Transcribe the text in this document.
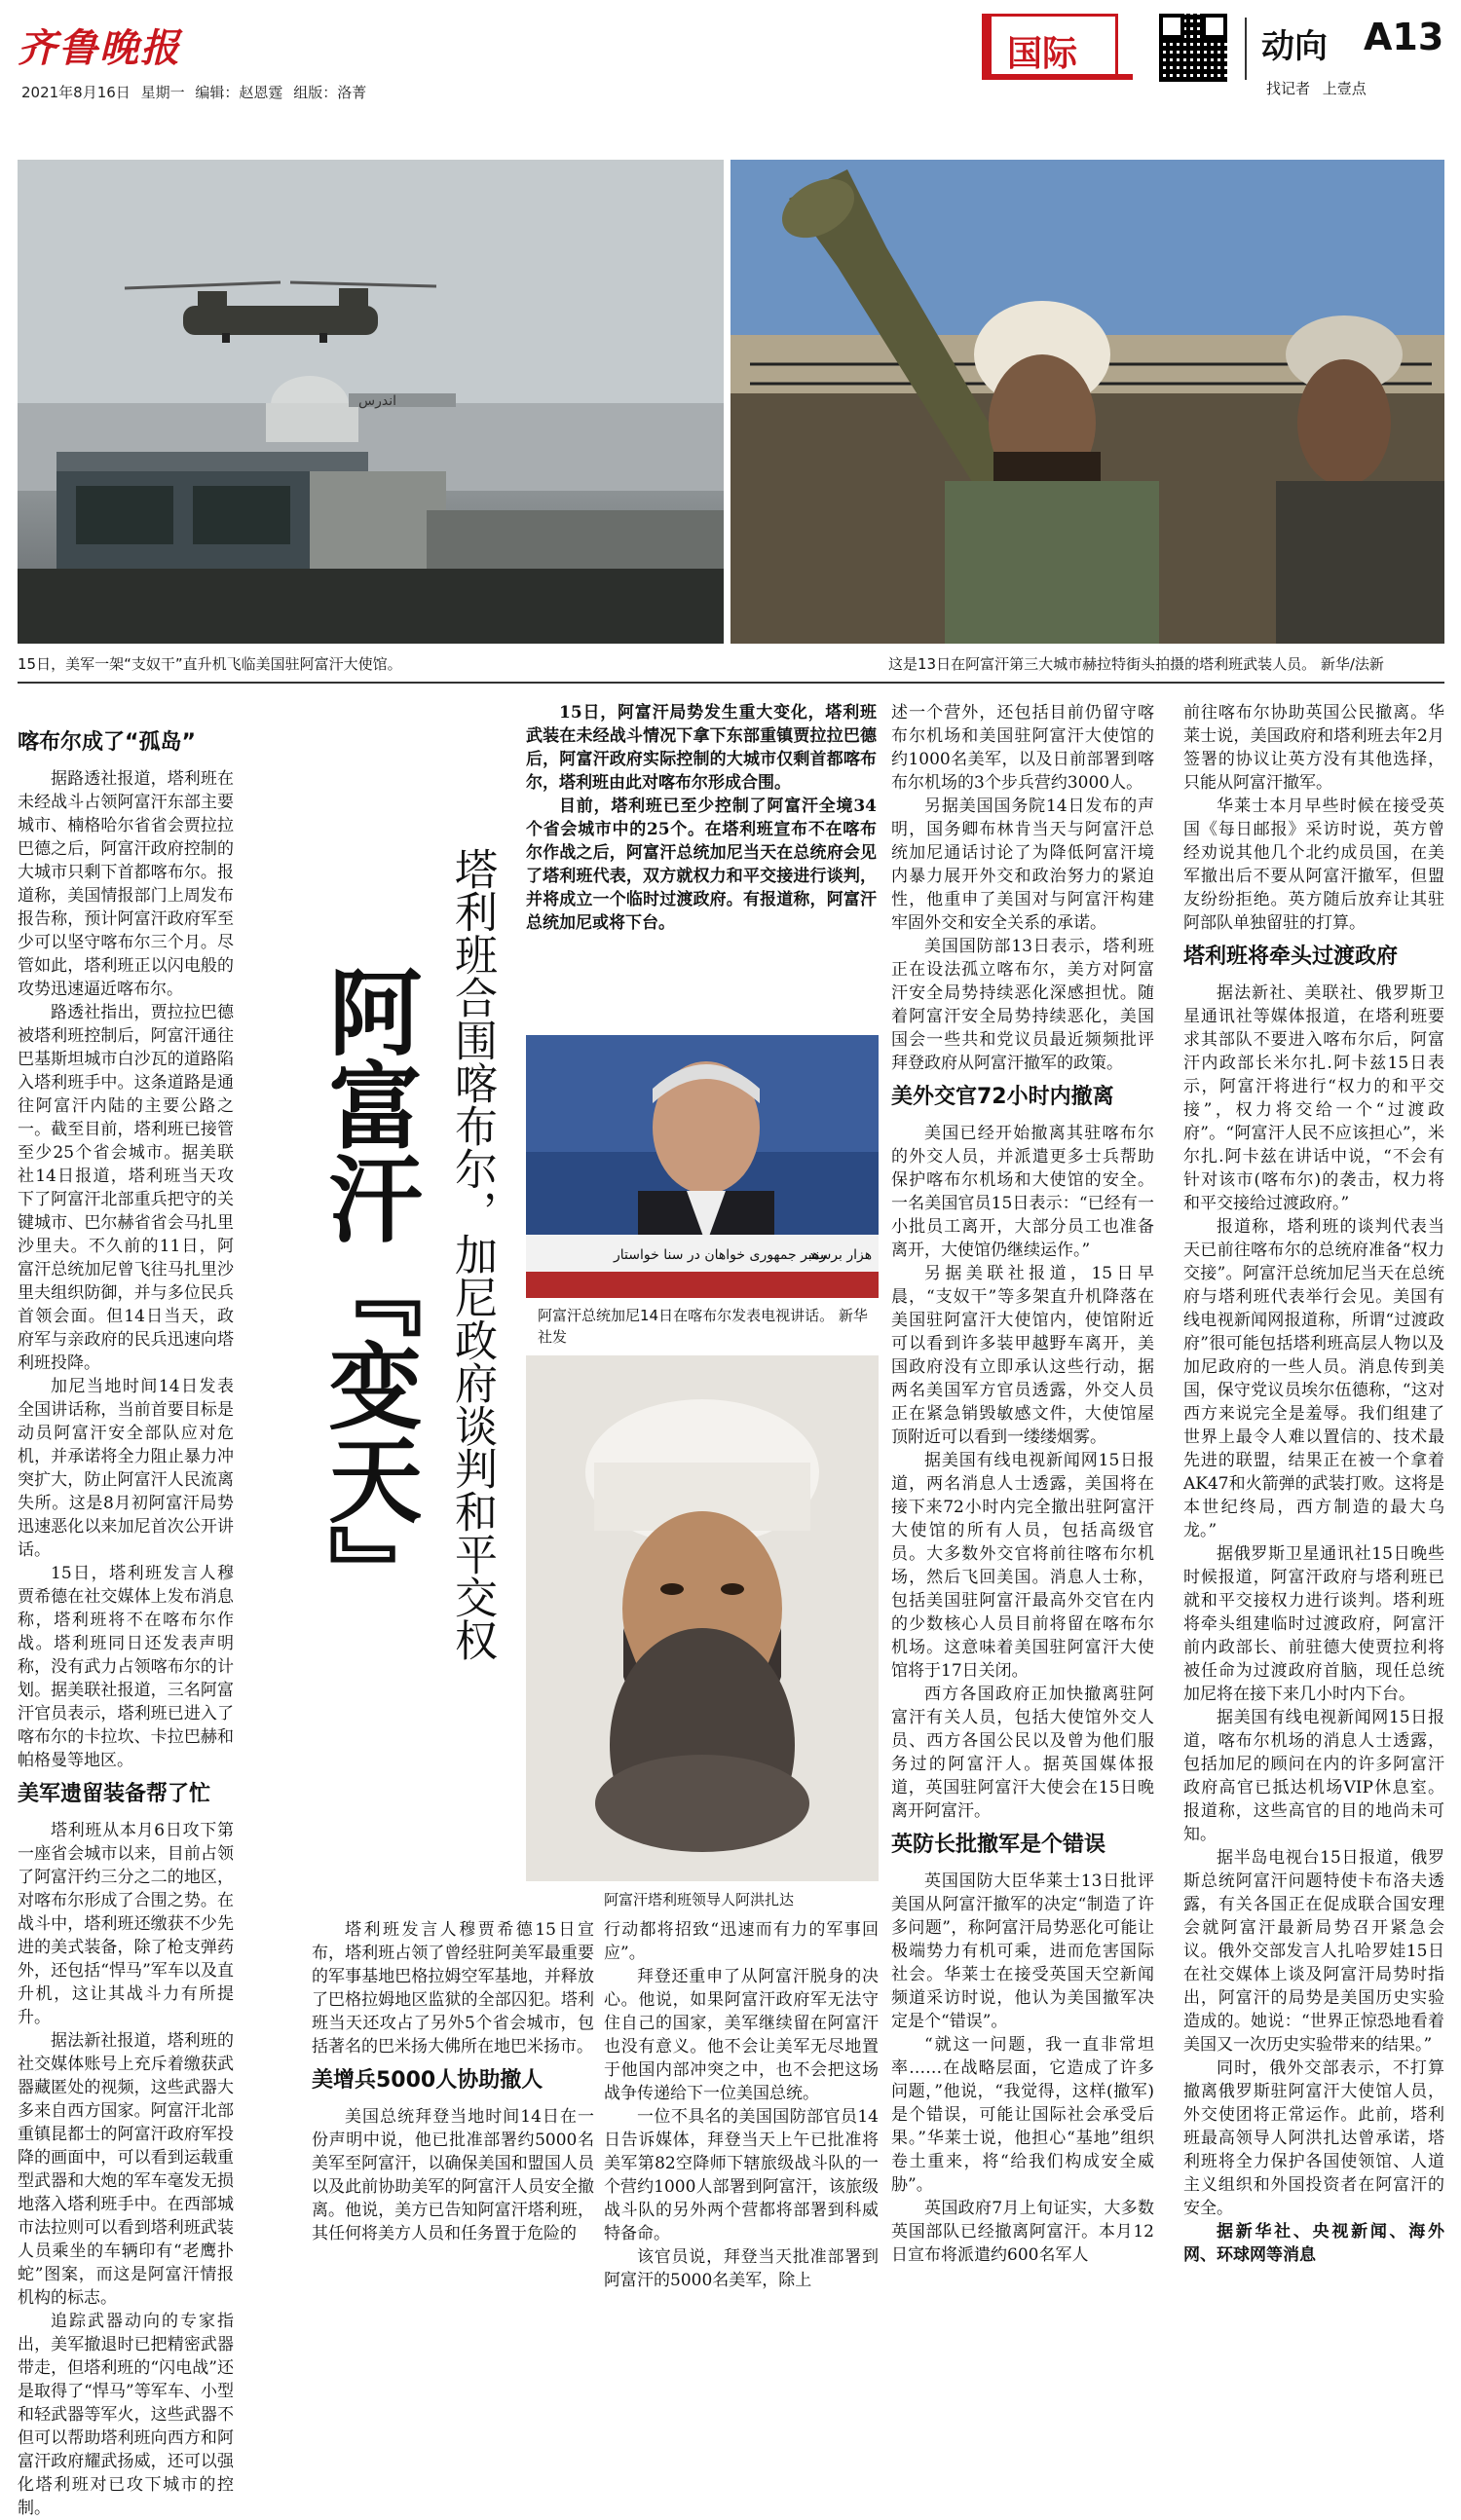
齐鲁晚报
2021年8月16日 星期一 编辑：赵恩霆 组版：洛菁
国际	动向 A13
找记者 上壹点
اندرس
15日，美军一架“支奴干”直升机飞临美国驻阿富汗大使馆。	这是13日在阿富汗第三大城市赫拉特街头拍摄的塔利班武装人员。 新华/法新
阿富汗『变天』 塔利班合围喀布尔，加尼政府谈判和平交权
喀布尔成了“孤岛”

据路透社报道，塔利班在未经战斗占领阿富汗东部主要城市、楠格哈尔省省会贾拉拉巴德之后，阿富汗政府控制的大城市只剩下首都喀布尔。报道称，美国情报部门上周发布报告称，预计阿富汗政府军至少可以坚守喀布尔三个月。尽管如此，塔利班正以闪电般的攻势迅速逼近喀布尔。

路透社指出，贾拉拉巴德被塔利班控制后，阿富汗通往巴基斯坦城市白沙瓦的道路陷入塔利班手中。这条道路是通往阿富汗内陆的主要公路之一。截至目前，塔利班已接管至少25个省会城市。据美联社14日报道，塔利班当天攻下了阿富汗北部重兵把守的关键城市、巴尔赫省省会马扎里沙里夫。不久前的11日，阿富汗总统加尼曾飞往马扎里沙里夫组织防御，并与多位民兵首领会面。但14日当天，政府军与亲政府的民兵迅速向塔利班投降。

加尼当地时间14日发表全国讲话称，当前首要目标是动员阿富汗安全部队应对危机，并承诺将全力阻止暴力冲突扩大，防止阿富汗人民流离失所。这是8月初阿富汗局势迅速恶化以来加尼首次公开讲话。

15日，塔利班发言人穆贾希德在社交媒体上发布消息称，塔利班将不在喀布尔作战。塔利班同日还发表声明称，没有武力占领喀布尔的计划。据美联社报道，三名阿富汗官员表示，塔利班已进入了喀布尔的卡拉坎、卡拉巴赫和帕格曼等地区。

美军遗留装备帮了忙

塔利班从本月6日攻下第一座省会城市以来，目前占领了阿富汗约三分之二的地区，对喀布尔形成了合围之势。在战斗中，塔利班还缴获不少先进的美式装备，除了枪支弹药外，还包括“悍马”军车以及直升机，这让其战斗力有所提升。

据法新社报道，塔利班的社交媒体账号上充斥着缴获武器藏匿处的视频，这些武器大多来自西方国家。阿富汗北部重镇昆都士的阿富汗政府军投降的画面中，可以看到运载重型武器和大炮的军车毫发无损地落入塔利班手中。在西部城市法拉则可以看到塔利班武装人员乘坐的车辆印有“老鹰扑蛇”图案，而这是阿富汗情报机构的标志。

追踪武器动向的专家指出，美军撤退时已把精密武器带走，但塔利班的“闪电战”还是取得了“悍马”等军车、小型和轻武器等军火，这些武器不但可以帮助塔利班向西方和阿富汗政府耀武扬威，还可以强化塔利班对已攻下城市的控制。

15日，阿富汗局势发生重大变化，塔利班武装在未经战斗情况下拿下东部重镇贾拉拉巴德后，阿富汗政府实际控制的大城市仅剩首都喀布尔，塔利班由此对喀布尔形成合围。

目前，塔利班已至少控制了阿富汗全境34个省会城市中的25个。在塔利班宣布不在喀布尔作战之后，阿富汗总统加尼当天在总统府会见了塔利班代表，双方就权力和平交接进行谈判，并将成立一个临时过渡政府。有报道称，阿富汗总统加尼或将下台。

رهبر جمهوری خواهان در سنا خواستار
هزار برسند
阿富汗总统加尼14日在喀布尔发表电视讲话。 新华社发
阿富汗塔利班领导人阿洪扎达

塔利班发言人穆贾希德15日宣布，塔利班占领了曾经驻阿美军最重要的军事基地巴格拉姆空军基地，并释放了巴格拉姆地区监狱的全部囚犯。塔利班当天还攻占了另外5个省会城市，包括著名的巴米扬大佛所在地巴米扬市。

美增兵5000人协助撤人

美国总统拜登当地时间14日在一份声明中说，他已批准部署约5000名美军至阿富汗，以确保美国和盟国人员以及此前协助美军的阿富汗人员安全撤离。他说，美方已告知阿富汗塔利班，其任何将美方人员和任务置于危险的

行动都将招致“迅速而有力的军事回应”。

拜登还重申了从阿富汗脱身的决心。他说，如果阿富汗政府军无法守住自己的国家，美军继续留在阿富汗也没有意义。他不会让美军无尽地置于他国内部冲突之中，也不会把这场战争传递给下一位美国总统。

一位不具名的美国国防部官员14日告诉媒体，拜登当天上午已批准将美军第82空降师下辖旅级战斗队的一个营约1000人部署到阿富汗，该旅级战斗队的另外两个营都将部署到科威特备命。

该官员说，拜登当天批准部署到阿富汗的5000名美军，除上

述一个营外，还包括目前仍留守喀布尔机场和美国驻阿富汗大使馆的约1000名美军，以及日前部署到喀布尔机场的3个步兵营约3000人。

另据美国国务院14日发布的声明，国务卿布林肯当天与阿富汗总统加尼通话讨论了为降低阿富汗境内暴力展开外交和政治努力的紧迫性，他重申了美国对与阿富汗构建牢固外交和安全关系的承诺。

美国国防部13日表示，塔利班正在设法孤立喀布尔，美方对阿富汗安全局势持续恶化深感担忧。随着阿富汗安全局势持续恶化，美国国会一些共和党议员最近频频批评拜登政府从阿富汗撤军的政策。

美外交官72小时内撤离

美国已经开始撤离其驻喀布尔的外交人员，并派遣更多士兵帮助保护喀布尔机场和大使馆的安全。一名美国官员15日表示：“已经有一小批员工离开，大部分员工也准备离开，大使馆仍继续运作。”

另据美联社报道，15日早晨，“支奴干”等多架直升机降落在美国驻阿富汗大使馆内，使馆附近可以看到许多装甲越野车离开，美国政府没有立即承认这些行动，据两名美国军方官员透露，外交人员正在紧急销毁敏感文件，大使馆屋顶附近可以看到一缕缕烟雾。

据美国有线电视新闻网15日报道，两名消息人士透露，美国将在接下来72小时内完全撤出驻阿富汗大使馆的所有人员，包括高级官员。大多数外交官将前往喀布尔机场，然后飞回美国。消息人士称，包括美国驻阿富汗最高外交官在内的少数核心人员目前将留在喀布尔机场。这意味着美国驻阿富汗大使馆将于17日关闭。

西方各国政府正加快撤离驻阿富汗有关人员，包括大使馆外交人员、西方各国公民以及曾为他们服务过的阿富汗人。据英国媒体报道，英国驻阿富汗大使会在15日晚离开阿富汗。

英防长批撤军是个错误

英国国防大臣华莱士13日批评美国从阿富汗撤军的决定“制造了许多问题”，称阿富汗局势恶化可能让极端势力有机可乘，进而危害国际社会。华莱士在接受英国天空新闻频道采访时说，他认为美国撤军决定是个“错误”。

“就这一问题，我一直非常坦率……在战略层面，它造成了许多问题，”他说，“我觉得，这样(撤军)是个错误，可能让国际社会承受后果。”华莱士说，他担心“基地”组织卷土重来，将“给我们构成安全威胁”。

英国政府7月上旬证实，大多数英国部队已经撤离阿富汗。本月12日宣布将派遣约600名军人

前往喀布尔协助英国公民撤离。华莱士说，美国政府和塔利班去年2月签署的协议让英方没有其他选择，只能从阿富汗撤军。

华莱士本月早些时候在接受英国《每日邮报》采访时说，英方曾经劝说其他几个北约成员国，在美军撤出后不要从阿富汗撤军，但盟友纷纷拒绝。英方随后放弃让其驻阿部队单独留驻的打算。

塔利班将牵头过渡政府

据法新社、美联社、俄罗斯卫星通讯社等媒体报道，在塔利班要求其部队不要进入喀布尔后，阿富汗内政部长米尔扎.阿卡兹15日表示，阿富汗将进行“权力的和平交接”，权力将交给一个“过渡政府”。“阿富汗人民不应该担心”，米尔扎.阿卡兹在讲话中说，“不会有针对该市(喀布尔)的袭击，权力将和平交接给过渡政府。”

报道称，塔利班的谈判代表当天已前往喀布尔的总统府准备“权力交接”。阿富汗总统加尼当天在总统府与塔利班代表举行会见。美国有线电视新闻网报道称，所谓“过渡政府”很可能包括塔利班高层人物以及加尼政府的一些人员。消息传到美国，保守党议员埃尔伍德称，“这对西方来说完全是羞辱。我们组建了世界上最令人难以置信的、技术最先进的联盟，结果正在被一个拿着AK47和火箭弹的武装打败。这将是本世纪终局，西方制造的最大乌龙。”

据俄罗斯卫星通讯社15日晚些时候报道，阿富汗政府与塔利班已就和平交接权力进行谈判。塔利班将牵头组建临时过渡政府，阿富汗前内政部长、前驻德大使贾拉利将被任命为过渡政府首脑，现任总统加尼将在接下来几小时内下台。

据美国有线电视新闻网15日报道，喀布尔机场的消息人士透露，包括加尼的顾问在内的许多阿富汗政府高官已抵达机场VIP休息室。报道称，这些高官的目的地尚未可知。

据半岛电视台15日报道，俄罗斯总统阿富汗问题特使卡布洛夫透露，有关各国正在促成联合国安理会就阿富汗最新局势召开紧急会议。俄外交部发言人扎哈罗娃15日在社交媒体上谈及阿富汗局势时指出，阿富汗的局势是美国历史实验造成的。她说：“世界正惊恐地看着美国又一次历史实验带来的结果。”

同时，俄外交部表示，不打算撤离俄罗斯驻阿富汗大使馆人员，外交使团将正常运作。此前，塔利班最高领导人阿洪扎达曾承诺，塔利班将全力保护各国使领馆、人道主义组织和外国投资者在阿富汗的安全。

据新华社、央视新闻、海外网、环球网等消息
